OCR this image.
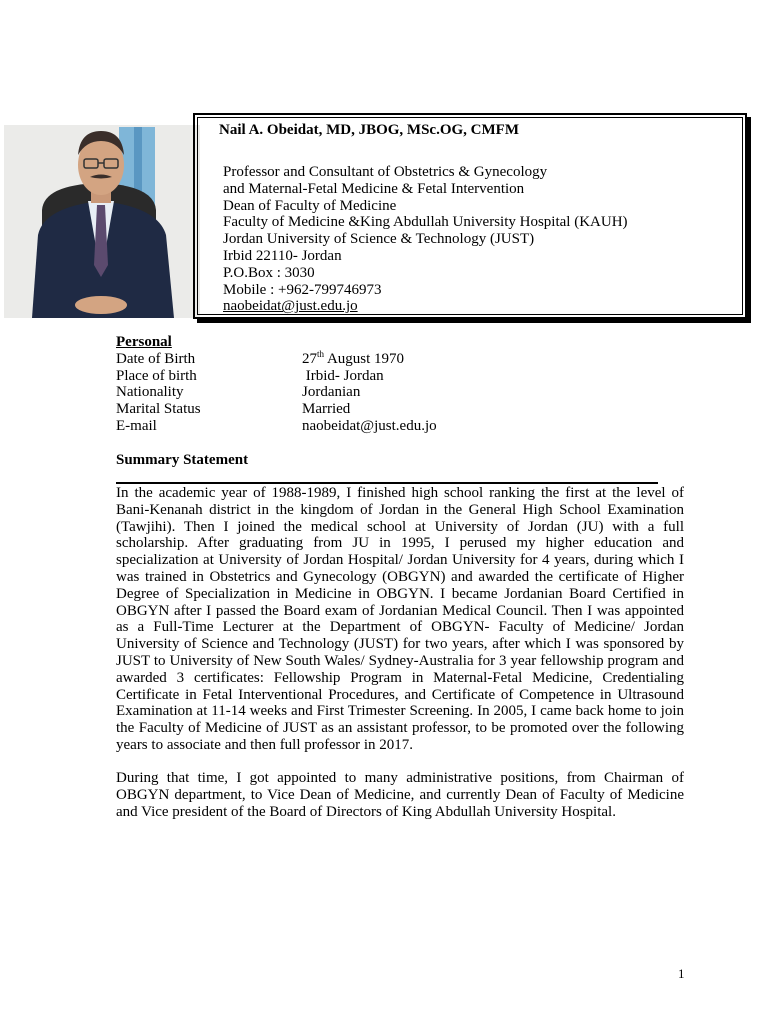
Nail A. Obeidat, MD, JBOG, MSc.OG, CMFM
Professor and Consultant of Obstetrics & Gynecology
and Maternal-Fetal Medicine & Fetal Intervention
Dean of Faculty of Medicine
Faculty of Medicine &King Abdullah University Hospital (KAUH)
Jordan University of Science & Technology (JUST)
Irbid 22110- Jordan
P.O.Box : 3030
Mobile : +962-799746973
naobeidat@just.edu.jo
Personal
Date of Birth	27th August 1970
Place of birth	Irbid- Jordan
Nationality	Jordanian
Marital Status	Married
E-mail	naobeidat@just.edu.jo
Summary Statement
In the academic year of 1988-1989, I finished high school ranking the first at the level of Bani-Kenanah district in the kingdom of Jordan in the General High School Examination (Tawjihi). Then I joined the medical school at University of Jordan (JU) with a full scholarship. After graduating from JU in 1995, I perused my higher education and specialization at University of Jordan Hospital/ Jordan University for 4 years, during which I was trained in Obstetrics and Gynecology (OBGYN) and awarded the certificate of Higher Degree of Specialization in Medicine in OBGYN. I became Jordanian Board Certified in OBGYN after I passed the Board exam of Jordanian Medical Council. Then I was appointed as a Full-Time Lecturer at the Department of OBGYN- Faculty of Medicine/ Jordan University of Science and Technology (JUST) for two years, after which I was sponsored by JUST to University of New South Wales/ Sydney-Australia for 3 year fellowship program and awarded 3 certificates: Fellowship Program in Maternal-Fetal Medicine, Credentialing Certificate in Fetal Interventional Procedures, and Certificate of Competence in Ultrasound Examination at 11-14 weeks and First Trimester Screening. In 2005, I came back home to join the Faculty of Medicine of JUST as an assistant professor, to be promoted over the following years to associate and then full professor in 2017.
During that time, I got appointed to many administrative positions, from Chairman of OBGYN department, to Vice Dean of Medicine, and currently Dean of Faculty of Medicine and Vice president of the Board of Directors of King Abdullah University Hospital.
1
